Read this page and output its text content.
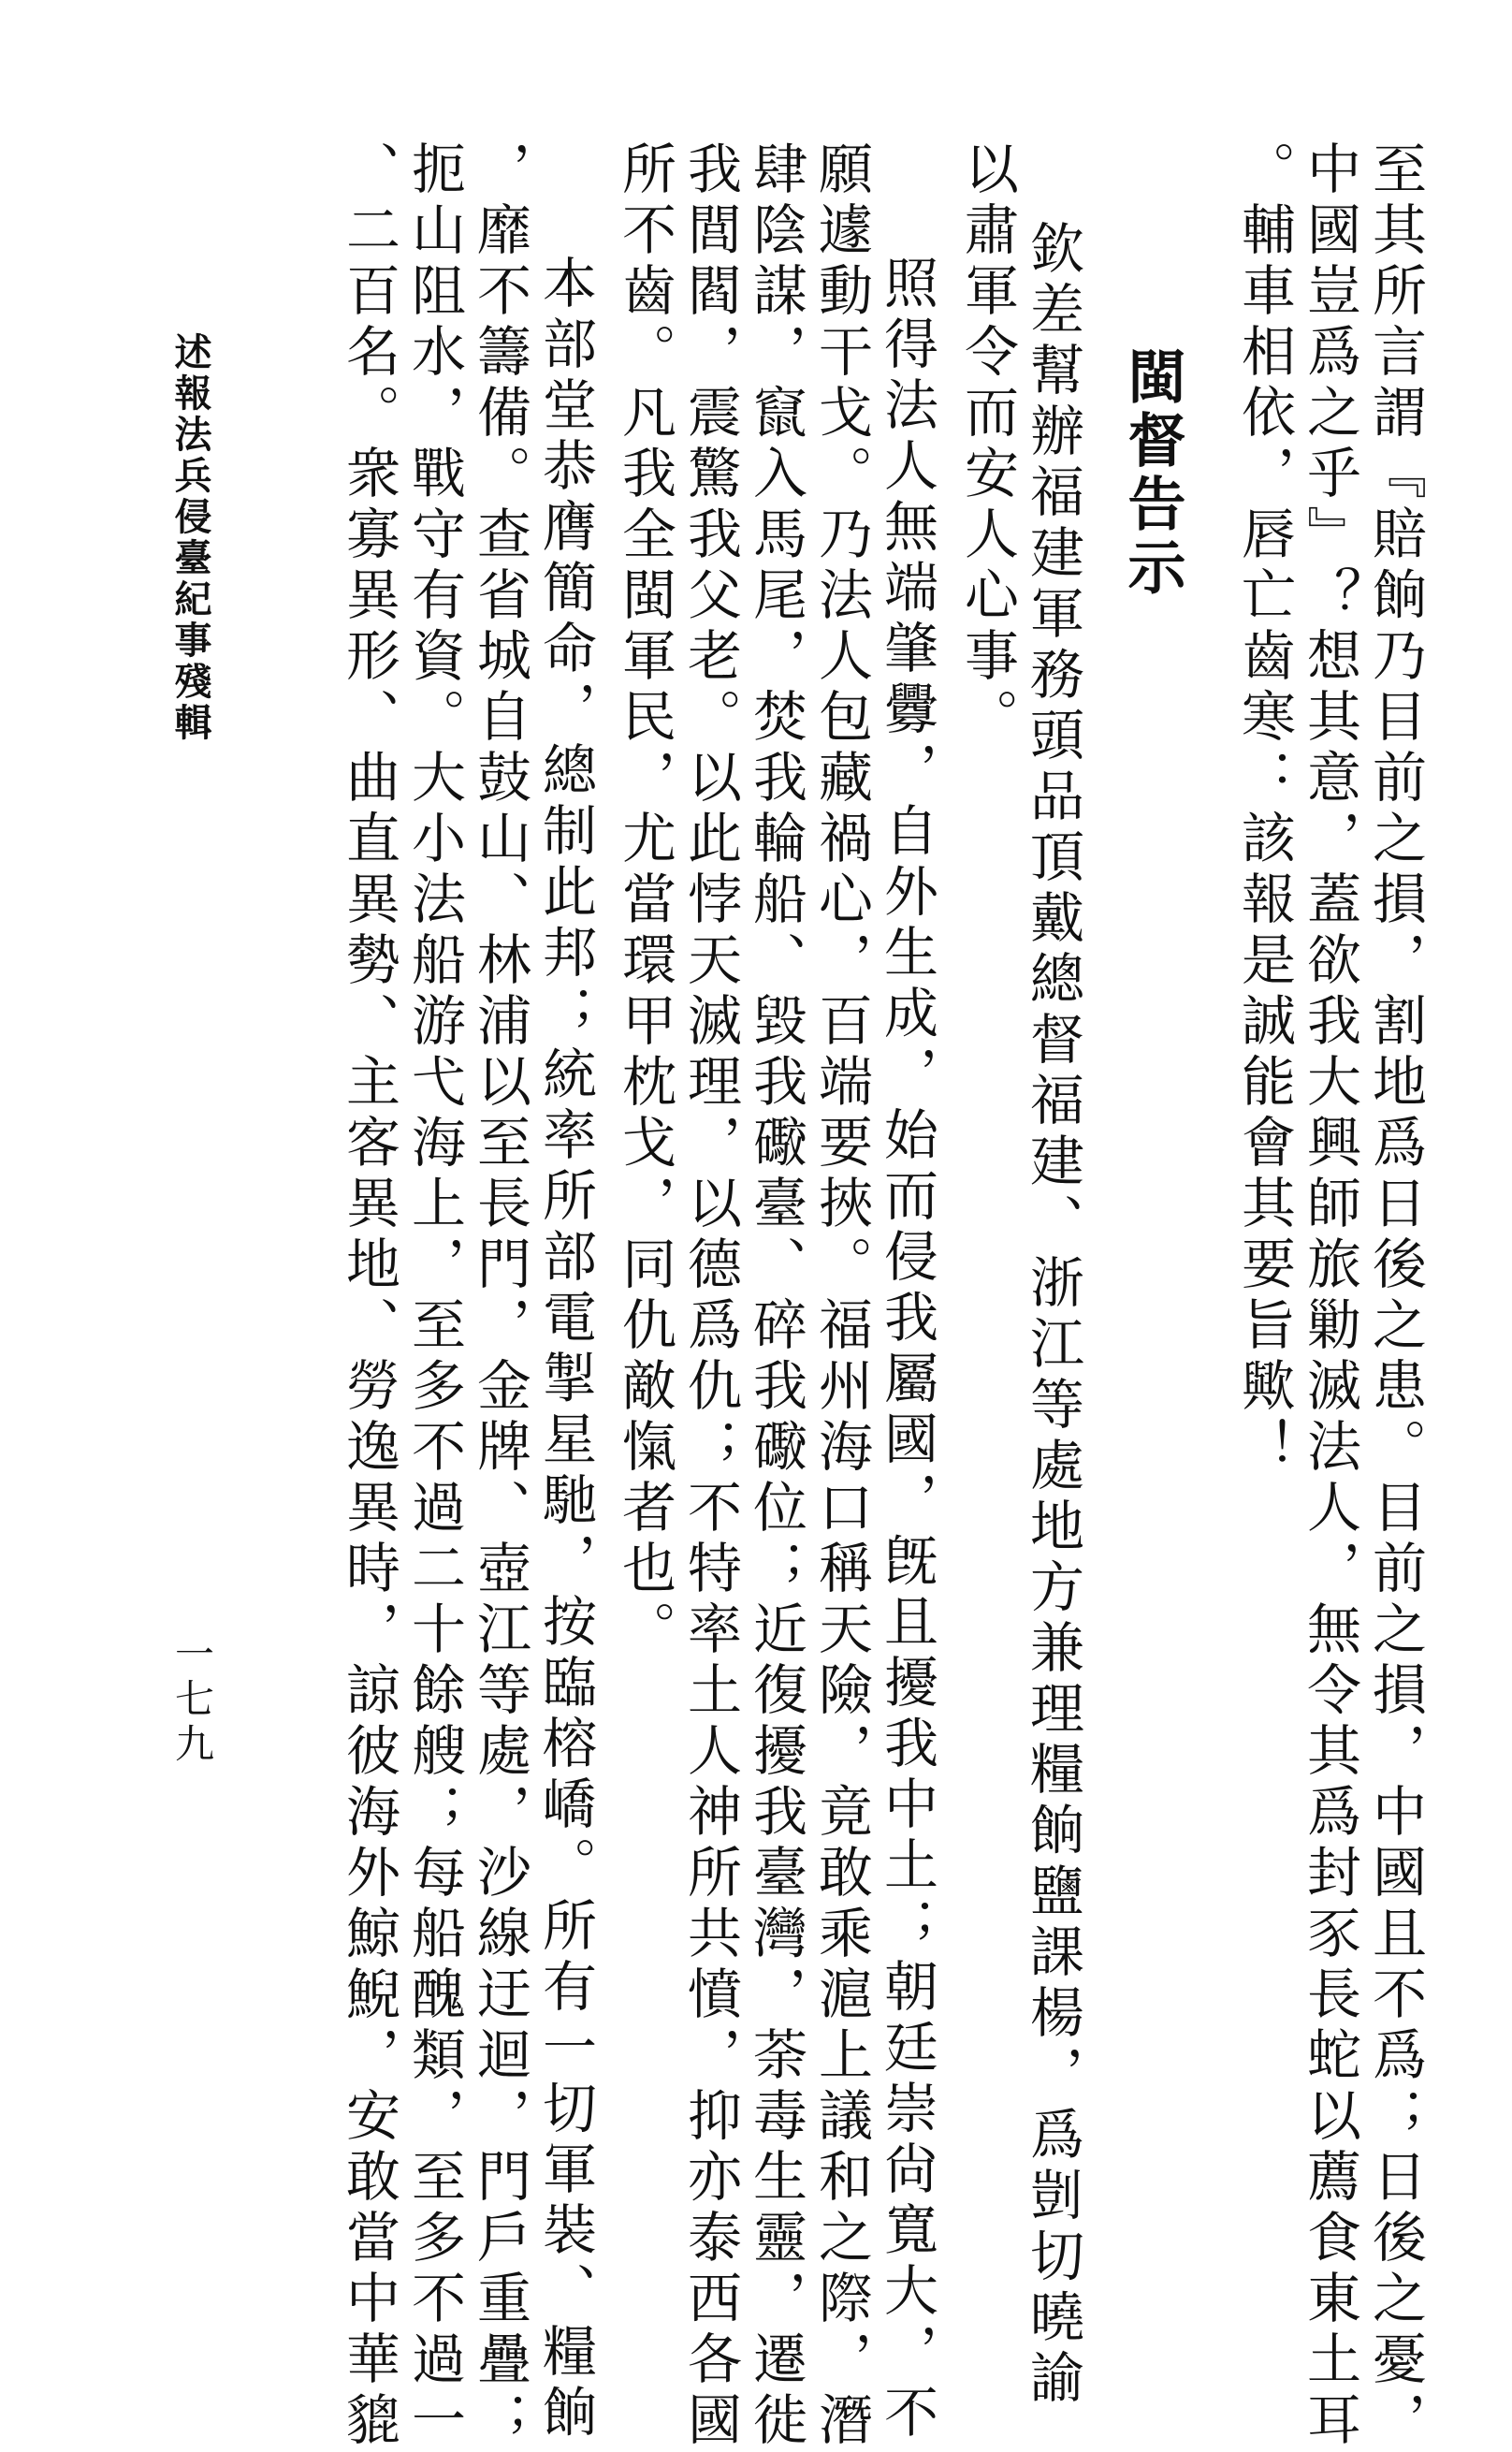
至其所言謂『賠餉乃目前之損，割地爲日後之患。目前之損，中國且不爲；日後之憂，

中國豈爲之乎』？想其意，蓋欲我大興師旅勦滅法人，無令其爲封豕長蛇以薦食東土耳

。輔車相依，唇亡齒寒：該報是誠能會其要旨歟！

閩督告示

欽差幫辦福建軍務頭品頂戴總督福建、浙江等處地方兼理糧餉鹽課楊，爲剴切曉諭

以肅軍令而安人心事。

照得法人無端肇釁，自外生成，始而侵我屬國，旣且擾我中土；朝廷崇尙寬大，不

願遽動干戈。乃法人包藏禍心，百端要挾。福州海口稱天險，竟敢乘滬上議和之際，潛

肆陰謀，竄入馬尾，焚我輪船、毀我礮臺、碎我礮位；近復擾我臺灣，荼毒生靈，遷徙

我閭閻，震驚我父老。以此悖天滅理，以德爲仇；不特率土人神所共憤，抑亦泰西各國

所不齒。凡我全閩軍民，尤當環甲枕戈，同仇敵愾者也。

本部堂恭膺簡命，總制此邦；統率所部電掣星馳，按臨榕嶠。所有一切軍裝、糧餉

，靡不籌備。查省城自鼓山、林浦以至長門，金牌、壺江等處，沙線迂迴，門戶重疊；

扼山阻水，戰守有資。大小法船游弋海上，至多不過二十餘艘；每船醜類，至多不過一

、二百名。衆寡異形、曲直異勢、主客異地、勞逸異時，諒彼海外鯨鯢，安敢當中華貔

述報法兵侵臺紀事殘輯

一七九
